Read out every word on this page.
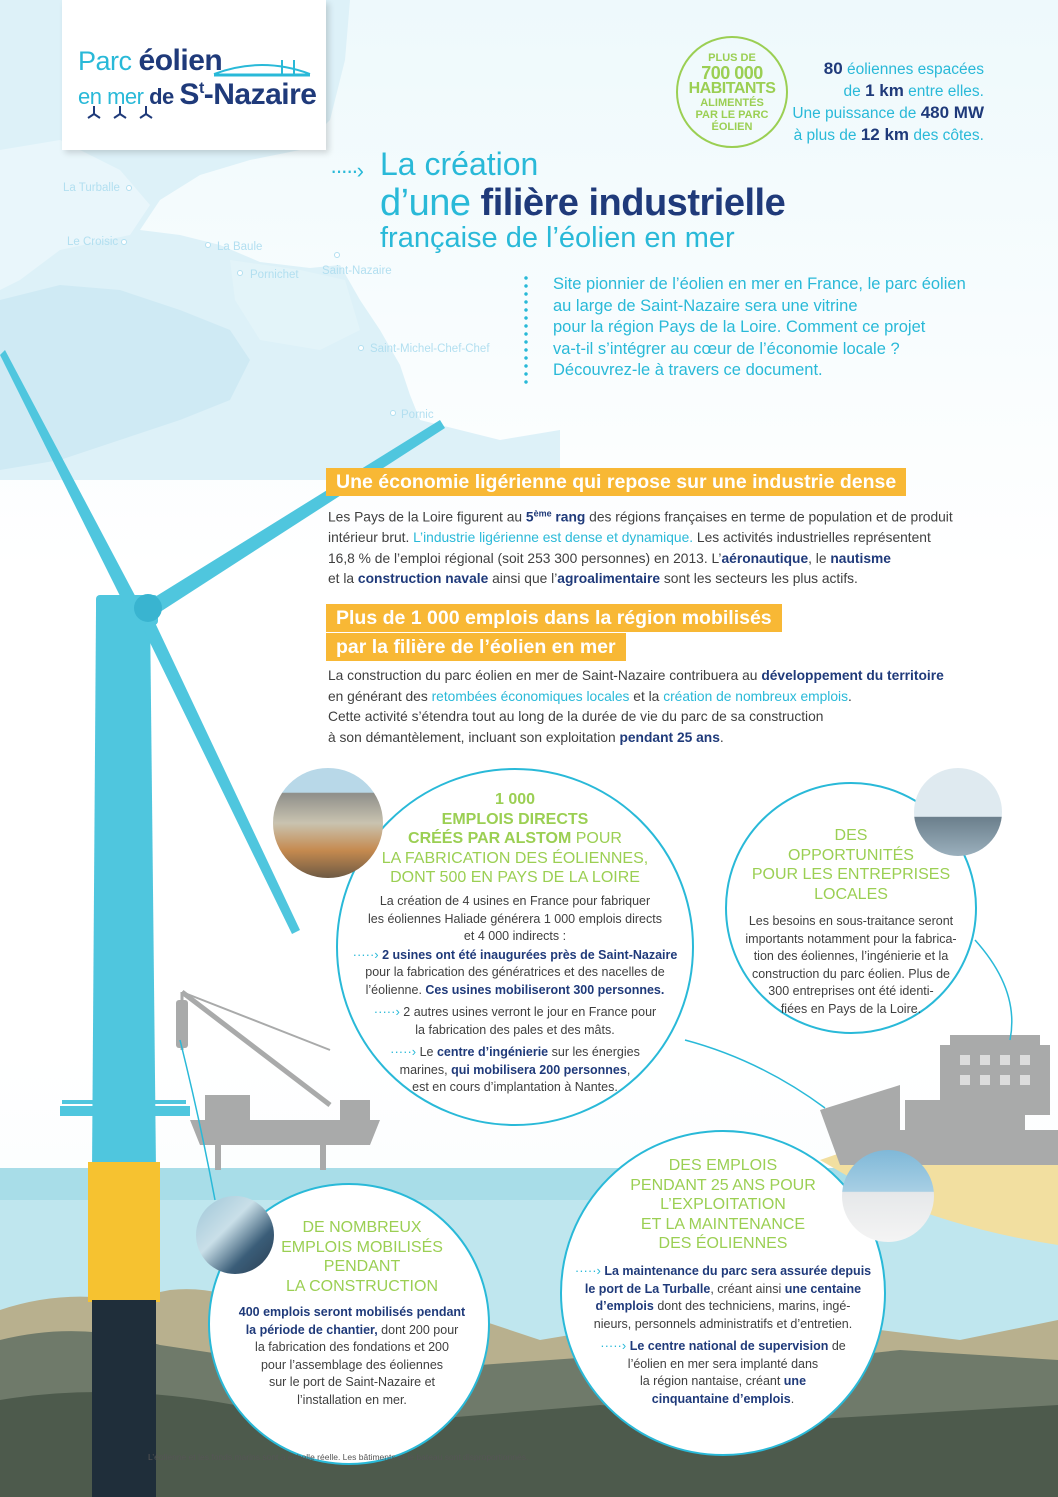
Parc éolien
en mer de $S^t$-Nazaire
PLUS DE
700 000
HABITANTS
ALIMENTÉS
PAR LE PARC
ÉOLIEN
80 éoliennes espacées
de 1 km entre elles.
Une puissance de 480 MW
à plus de 12 km des côtes.
·····› La création
d’une filière industrielle
française de l’éolien en mer
Site pionnier de l’éolien en mer en France, le parc éolien
au large de Saint-Nazaire sera une vitrine
pour la région Pays de la Loire. Comment ce projet
va-t-il s’intégrer au cœur de l’économie locale ?
Découvrez-le à travers ce document.
La Turballe
Le Croisic	La Baule
Pornichet Saint-Nazaire
Saint-Michel-Chef-Chef
Pornic
Une économie ligérienne qui repose sur une industrie dense
Les Pays de la Loire figurent au 5ème rang des régions françaises en terme de population et de produit
intérieur brut. L’industrie ligérienne est dense et dynamique. Les activités industrielles représentent
16,8 % de l’emploi régional (soit 253 300 personnes) en 2013. L’aéronautique, le nautisme
et la construction navale ainsi que l’agroalimentaire sont les secteurs les plus actifs.
Plus de 1 000 emplois dans la région mobilisés
par la filière de l’éolien en mer
La construction du parc éolien en mer de Saint-Nazaire contribuera au développement du territoire
en générant des retombées économiques locales et la création de nombreux emplois.
Cette activité s’étendra tout au long de la durée de vie du parc de sa construction
à son démantèlement, incluant son exploitation pendant 25 ans.
1 000
EMPLOIS DIRECTS
CRÉÉS PAR ALSTOM POUR
LA FABRICATION DES ÉOLIENNES,
DONT 500 EN PAYS DE LA LOIRE
La création de 4 usines en France pour fabriquer
les éoliennes Haliade générera 1 000 emplois directs
et 4 000 indirects :
·····› 2 usines ont été inaugurées près de Saint-Nazaire
pour la fabrication des génératrices et des nacelles de
l’éolienne. Ces usines mobiliseront 300 personnes.
·····› 2 autres usines verront le jour en France pour
la fabrication des pales et des mâts.
·····› Le centre d’ingénierie sur les énergies
marines, qui mobilisera 200 personnes,
est en cours d’implantation à Nantes.
DES
OPPORTUNITÉS
POUR LES ENTREPRISES
LOCALES
Les besoins en sous-traitance seront
importants notamment pour la fabrica-
tion des éoliennes, l’ingénierie et la
construction du parc éolien. Plus de
300 entreprises ont été identi-
fiées en Pays de la Loire.
DE NOMBREUX
EMPLOIS MOBILISÉS
PENDANT
LA CONSTRUCTION
400 emplois seront mobilisés pendant
la période de chantier, dont 200 pour
la fabrication des fondations et 200
pour l’assemblage des éoliennes
sur le port de Saint-Nazaire et
l’installation en mer.
DES EMPLOIS
PENDANT 25 ANS POUR
L’EXPLOITATION
ET LA MAINTENANCE
DES ÉOLIENNES
·····› La maintenance du parc sera assurée depuis
le port de La Turballe, créant ainsi une centaine
d’emplois dont des techniciens, marins, ingé-
nieurs, personnels administratifs et d’entretien.
·····› Le centre national de supervision de
l’éolien en mer sera implanté dans
la région nantaise, créant une
cinquantaine d’emplois.
L’éolienne et les fonds marins sont à échelle réelle. Les bâtiments et le bateau sont disproportionnés.
